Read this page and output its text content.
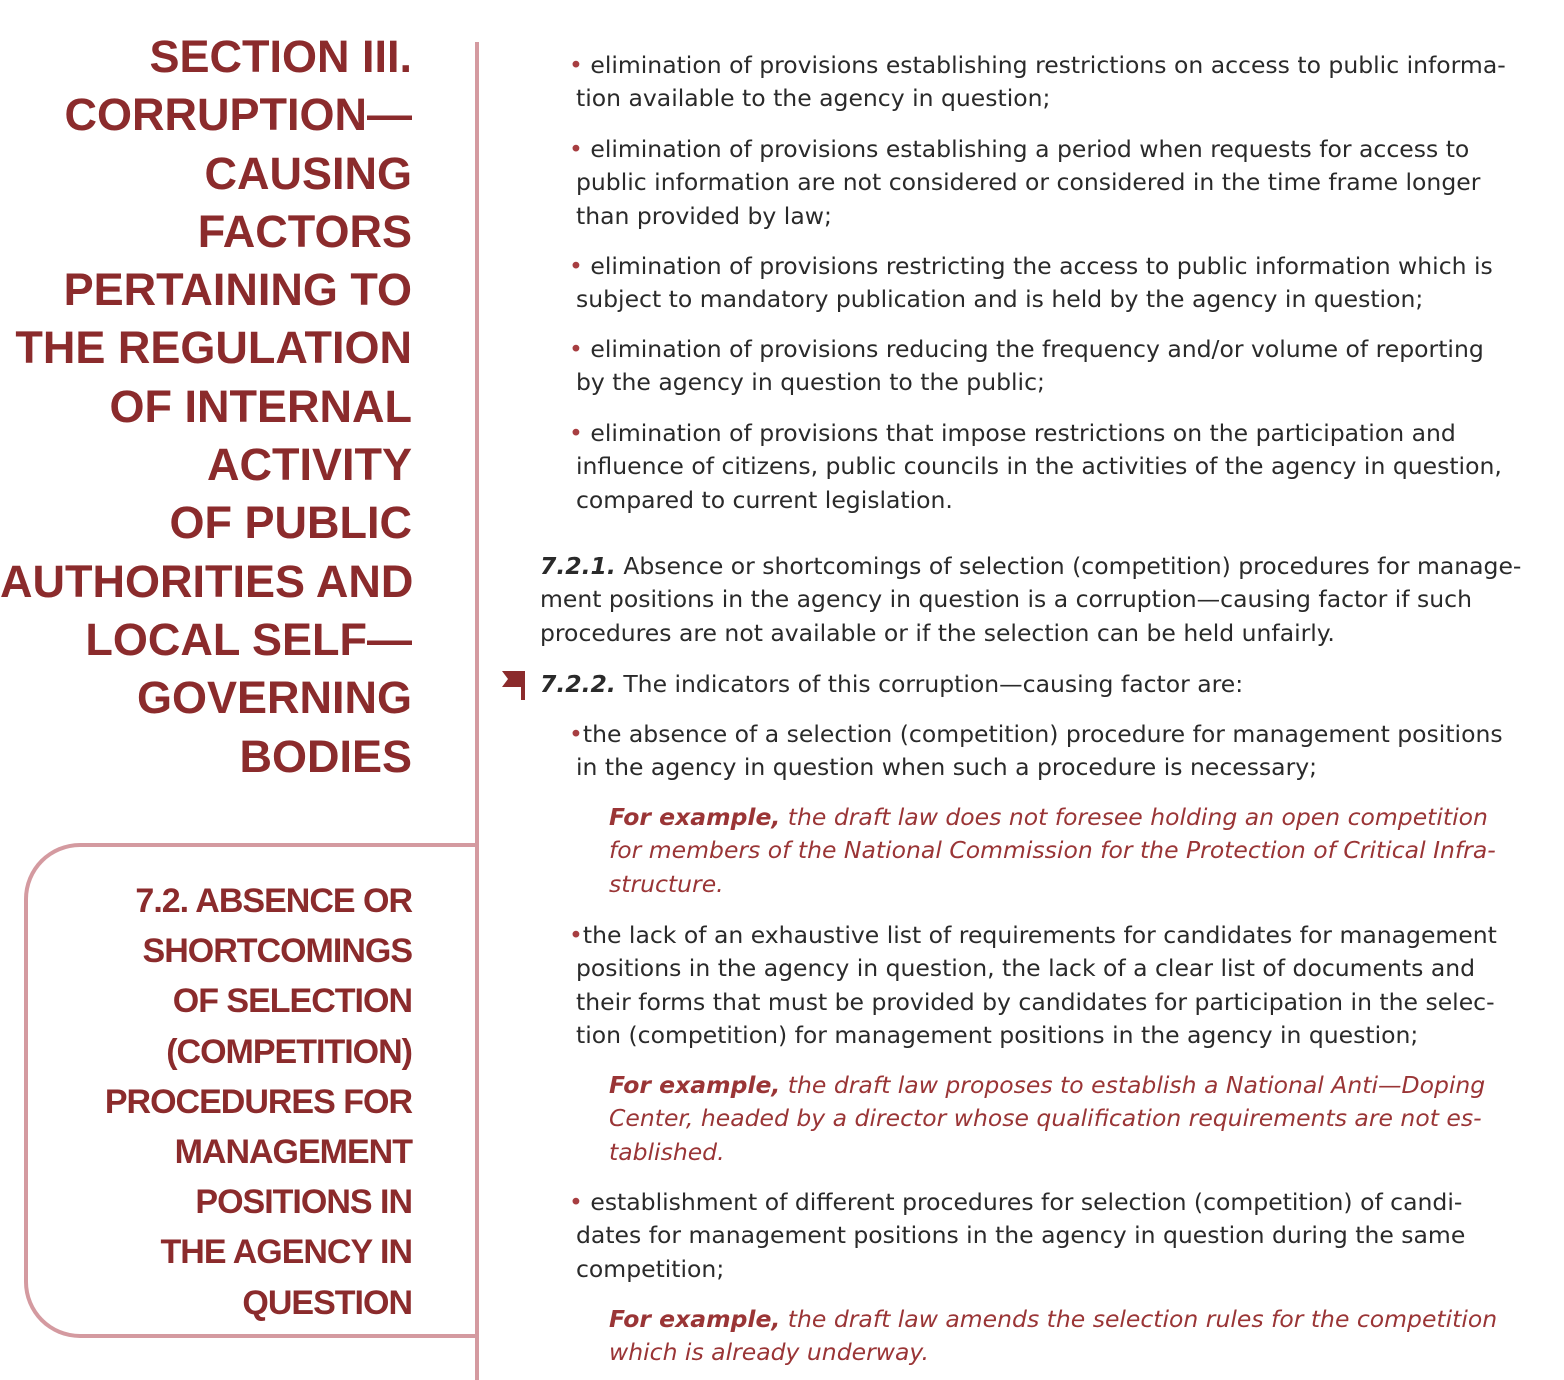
SECTION III.
CORRUPTION—
CAUSING
FACTORS
PERTAINING TO
THE REGULATION
OF INTERNAL
ACTIVITY
OF PUBLIC
AUTHORITIES AND
LOCAL SELF—
GOVERNING
BODIES
7.2. ABSENCE OR
SHORTCOMINGS
OF SELECTION
(COMPETITION)
PROCEDURES FOR
MANAGEMENT
POSITIONS IN
THE AGENCY IN
QUESTION
• elimination of provisions establishing restrictions on access to public informa-
tion available to the agency in question;
• elimination of provisions establishing a period when requests for access to
public information are not considered or considered in the time frame longer
than provided by law;
• elimination of provisions restricting the access to public information which is
subject to mandatory publication and is held by the agency in question;
• elimination of provisions reducing the frequency and/or volume of reporting
by the agency in question to the public;
• elimination of provisions that impose restrictions on the participation and
influence of citizens, public councils in the activities of the agency in question,
compared to current legislation.
7.2.1. Absence or shortcomings of selection (competition) procedures for manage-
ment positions in the agency in question is a corruption—causing factor if such
procedures are not available or if the selection can be held unfairly.
7.2.2. The indicators of this corruption—causing factor are:
•the absence of a selection (competition) procedure for management positions
in the agency in question when such a procedure is necessary;
For example, the draft law does not foresee holding an open competition
for members of the National Commission for the Protection of Critical Infra-
structure.
•the lack of an exhaustive list of requirements for candidates for management
positions in the agency in question, the lack of a clear list of documents and
their forms that must be provided by candidates for participation in the selec-
tion (competition) for management positions in the agency in question;
For example, the draft law proposes to establish a National Anti—Doping
Center, headed by a director whose qualification requirements are not es-
tablished.
• establishment of different procedures for selection (competition) of candi-
dates for management positions in the agency in question during the same
competition;
For example, the draft law amends the selection rules for the competition
which is already underway.
